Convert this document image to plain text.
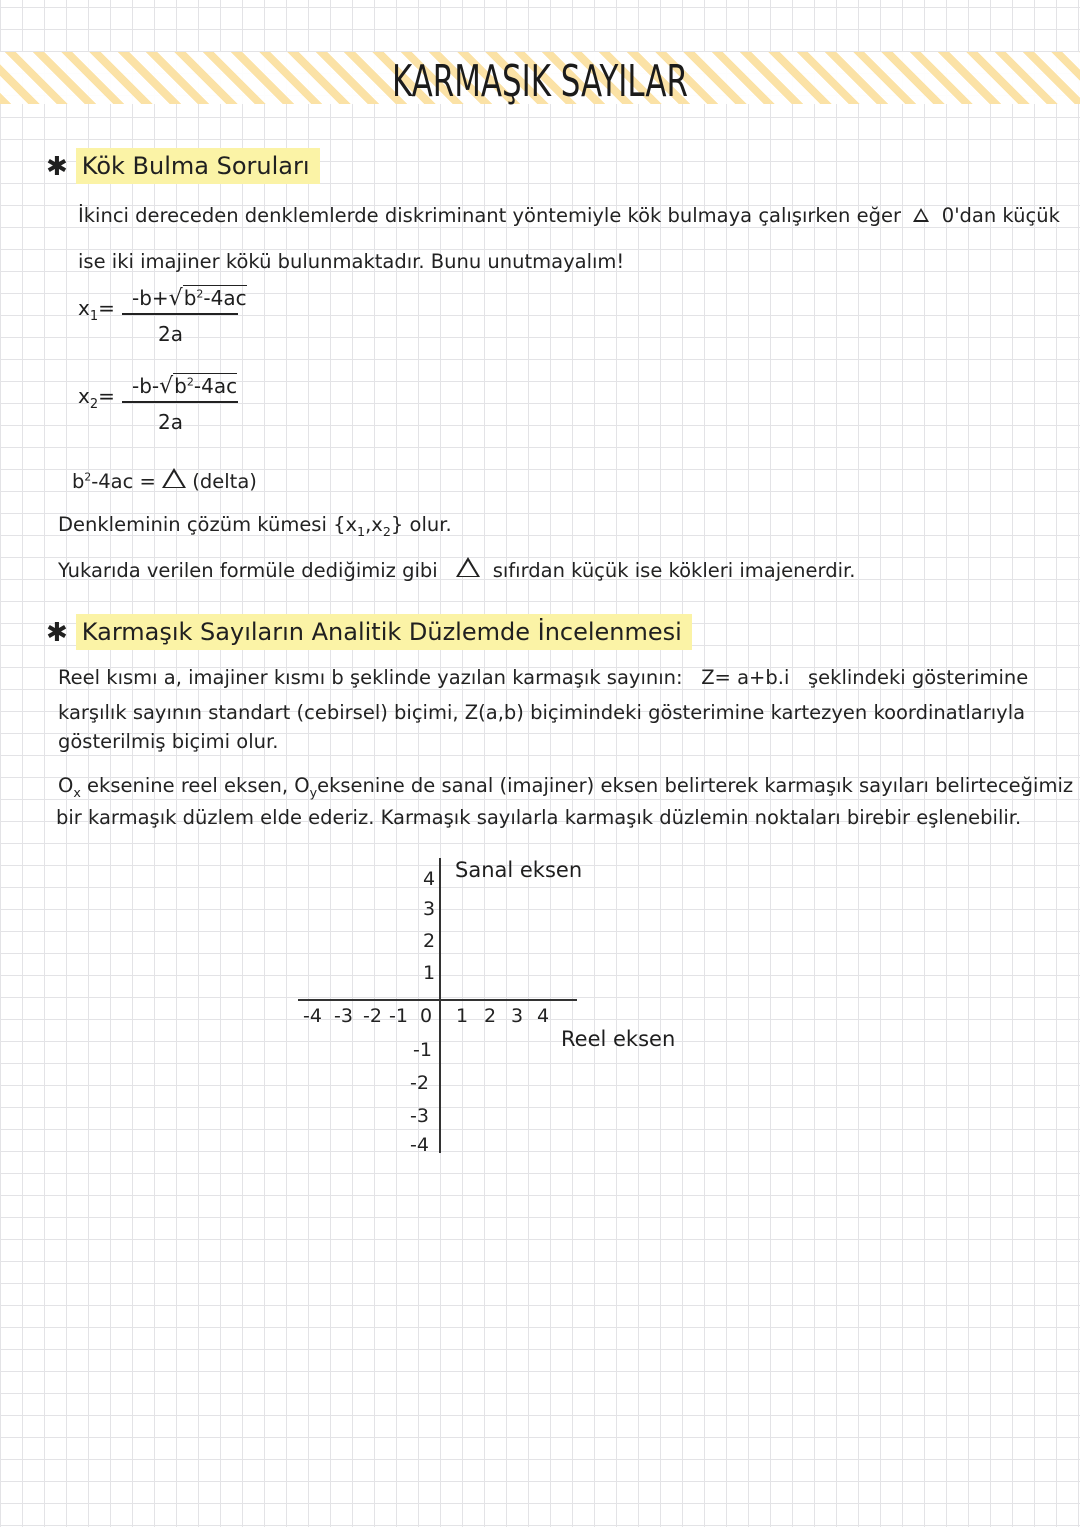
KARMAŞIK SAYILAR
✱ Kök Bulma Soruları
İkinci dereceden denklemlerde diskriminant yöntemiyle kök bulmaya çalışırken eğer 0'dan küçük
ise iki imajiner kökü bulunmaktadır. Bunu unutmayalım!
$x_1= -b+√b^2-4ac$
2a
$x_2= -b-√b^2-4ac$
2a
$b^2-4ac$ = (delta)
Denkleminin çözüm kümesi $\{x_1,x_2\}$ olur.
Yukarıda verilen formüle dediğimiz gibi	sıfırdan küçük ise kökleri imajenerdir.
✱ Karmaşık Sayıların Analitik Düzlemde İncelenmesi
Reel kısmı a, imajiner kısmı b şeklinde yazılan karmaşık sayının: Z= a+b.i şeklindeki gösterimine
karşılık sayının standart (cebirsel) biçimi, Z(a,b) biçimindeki gösterimine kartezyen koordinatlarıyla
gösterilmiş biçimi olur.
$O_x$ eksenine reel eksen, $O_yeksenine$ de sanal (imajiner) eksen belirterek karmaşık sayıları belirteceğimiz
bir karmaşık düzlem elde ederiz. Karmaşık sayılarla karmaşık düzlemin noktaları birebir eşlenebilir.
Sanal eksen
Reel eksen
4
3
2
1
-1
-2
-3
-4
-4 -3 -2 -1 0 1 2 3 4
